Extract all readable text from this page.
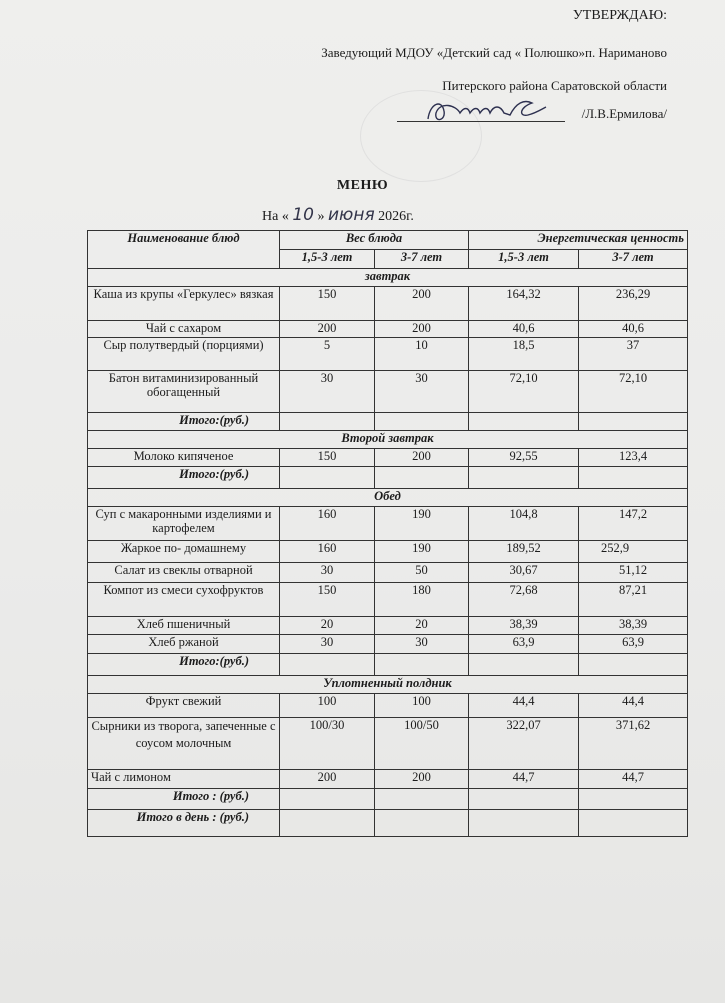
УТВЕРЖДАЮ:
Заведующий МДОУ «Детский сад « Полюшко»п. Нариманово
Питерского района Саратовской области
/Л.В.Ермилова/
МЕНЮ
На « 10 » июня 2026г.
Наименование блюд	Вес блюда		Энергетическая ценность	
	1,5-3 лет	3-7 лет	1,5-3 лет	3-7 лет
завтрак				
Каша из крупы «Геркулес» вязкая	150	200	164,32	236,29
Чай с сахаром	200	200	40,6	40,6
Сыр полутвердый (порциями)	5	10	18,5	37
Батон витаминизированный обогащенный	30	30	72,10	72,10
Итого:(руб.)				
Второй завтрак				
Молоко кипяченое	150	200	92,55	123,4
Итого:(руб.)				
Обед				
Суп с макаронными изделиями и картофелем	160	190	104,8	147,2
Жаркое по- домашнему	160	190	189,52	252,9
Салат из свеклы отварной	30	50	30,67	51,12
Компот из смеси сухофруктов	150	180	72,68	87,21
Хлеб пшеничный	20	20	38,39	38,39
Хлеб ржаной	30	30	63,9	63,9
Итого:(руб.)				
Уплотненный полдник				
Фрукт свежий	100	100	44,4	44,4
Сырники из творога, запеченные с соусом молочным	100/30	100/50	322,07	371,62
Чай с лимоном	200	200	44,7	44,7
Итого : (руб.)				
Итого в день : (руб.)				
